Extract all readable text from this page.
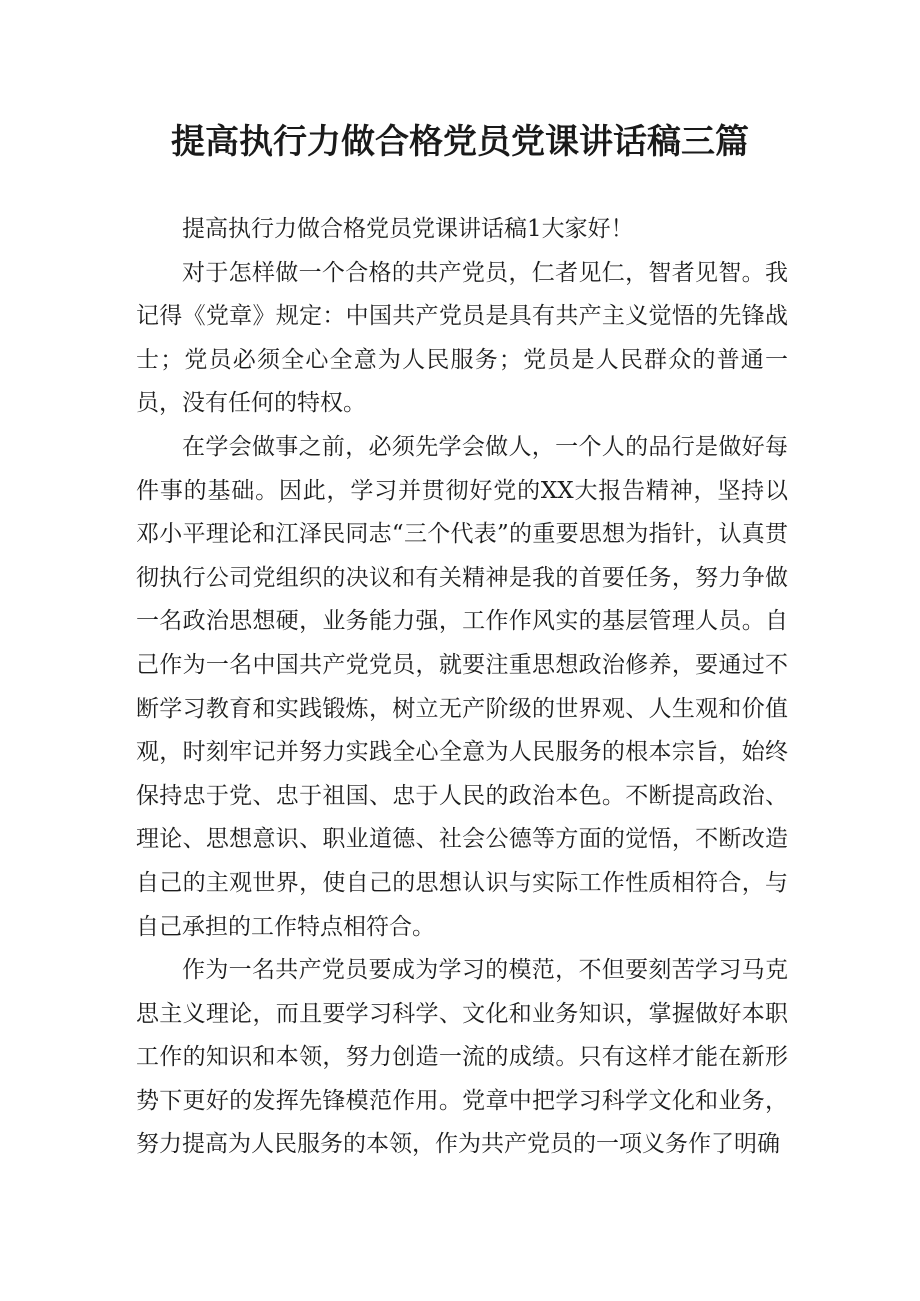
提高执行力做合格党员党课讲话稿三篇

提高执行力做合格党员党课讲话稿1大家好！

对于怎样做一个合格的共产党员，仁者见仁，智者见智。我记得《党章》规定：中国共产党员是具有共产主义觉悟的先锋战士；党员必须全心全意为人民服务；党员是人民群众的普通一员，没有任何的特权。

在学会做事之前，必须先学会做人，一个人的品行是做好每件事的基础。因此，学习并贯彻好党的XX大报告精神，坚持以邓小平理论和江泽民同志“三个代表”的重要思想为指针，认真贯彻执行公司党组织的决议和有关精神是我的首要任务，努力争做一名政治思想硬，业务能力强，工作作风实的基层管理人员。自己作为一名中国共产党党员，就要注重思想政治修养，要通过不断学习教育和实践锻炼，树立无产阶级的世界观、人生观和价值观，时刻牢记并努力实践全心全意为人民服务的根本宗旨，始终保持忠于党、忠于祖国、忠于人民的政治本色。不断提高政治、理论、思想意识、职业道德、社会公德等方面的觉悟，不断改造自己的主观世界，使自己的思想认识与实际工作性质相符合，与自己承担的工作特点相符合。

作为一名共产党员要成为学习的模范，不但要刻苦学习马克思主义理论，而且要学习科学、文化和业务知识，掌握做好本职工作的知识和本领，努力创造一流的成绩。只有这样才能在新形势下更好的发挥先锋模范作用。党章中把学习科学文化和业务，努力提高为人民服务的本领，作为共产党员的一项义务作了明确
